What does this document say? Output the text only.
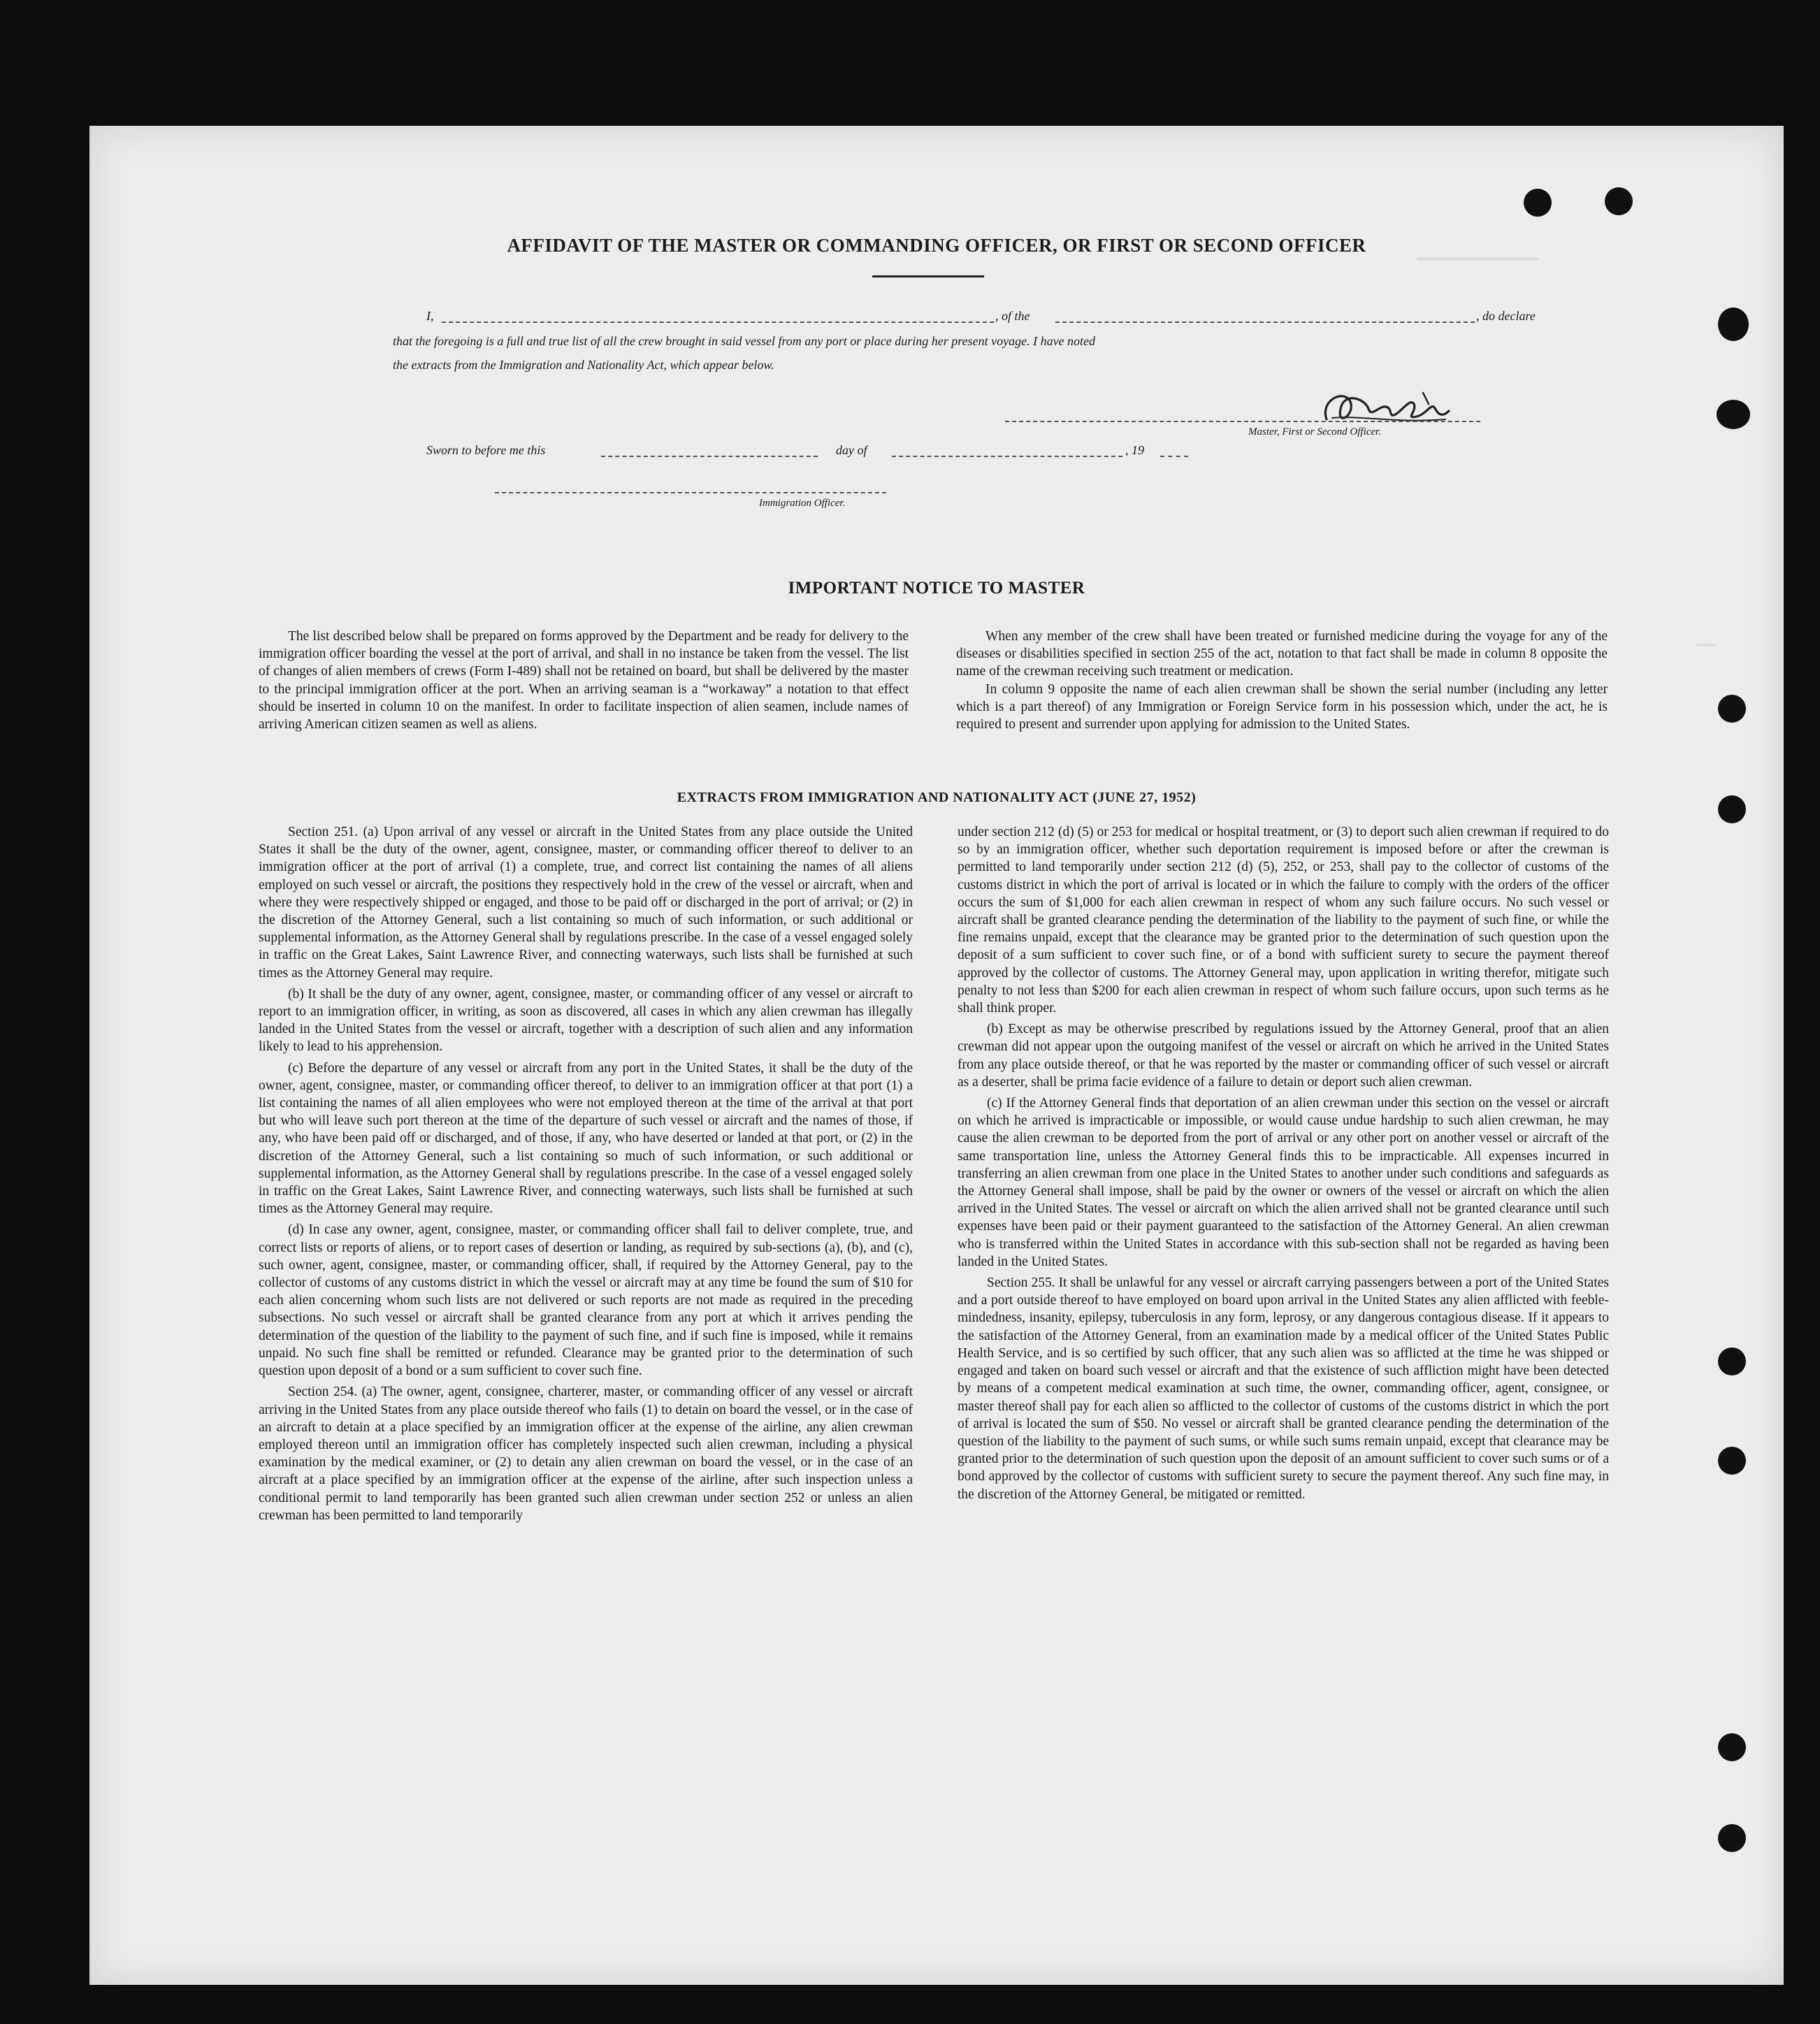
▔▔▔▔▔▔▔▔▔▔▔
▁▁
AFFIDAVIT OF THE MASTER OR COMMANDING OFFICER, OR FIRST OR SECOND OFFICER
I,	, of the	, do declare
that the foregoing is a full and true list of all the crew brought in said vessel from any port or place during her present voyage. I have noted
the extracts from the Immigration and Nationality Act, which appear below.
Master, First or Second Officer.
Sworn to before me this	day of	, 19
Immigration Officer.
IMPORTANT NOTICE TO MASTER

The list described below shall be prepared on forms approved by the Department and be ready for delivery to the immigration officer boarding the vessel at the port of arrival, and shall in no instance be taken from the vessel. The list of changes of alien members of crews (Form I-489) shall not be retained on board, but shall be delivered by the master to the principal immigration officer at the port. When an arriving seaman is a “workaway” a notation to that effect should be inserted in column 10 on the manifest. In order to facilitate inspection of alien seamen, include names of arriving American citizen seamen as well as aliens.

When any member of the crew shall have been treated or furnished medicine during the voyage for any of the diseases or disabilities specified in section 255 of the act, notation to that fact shall be made in column 8 opposite the name of the crewman receiving such treatment or medication.

In column 9 opposite the name of each alien crewman shall be shown the serial number (including any letter which is a part thereof) of any Immigration or Foreign Service form in his possession which, under the act, he is required to present and surrender upon applying for admission to the United States.

EXTRACTS FROM IMMIGRATION AND NATIONALITY ACT (JUNE 27, 1952)

Section 251. (a) Upon arrival of any vessel or aircraft in the United States from any place outside the United States it shall be the duty of the owner, agent, consignee, master, or commanding officer thereof to deliver to an immigration officer at the port of arrival (1) a complete, true, and correct list containing the names of all aliens employed on such vessel or aircraft, the positions they respectively hold in the crew of the vessel or aircraft, when and where they were respectively shipped or engaged, and those to be paid off or discharged in the port of arrival; or (2) in the discretion of the Attorney General, such a list containing so much of such information, or such additional or supplemental information, as the Attorney General shall by regulations prescribe. In the case of a vessel engaged solely in traffic on the Great Lakes, Saint Lawrence River, and connecting waterways, such lists shall be furnished at such times as the Attorney General may require.

(b) It shall be the duty of any owner, agent, consignee, master, or commanding officer of any vessel or aircraft to report to an immigration officer, in writing, as soon as discovered, all cases in which any alien crewman has illegally landed in the United States from the vessel or aircraft, together with a description of such alien and any information likely to lead to his apprehension.

(c) Before the departure of any vessel or aircraft from any port in the United States, it shall be the duty of the owner, agent, consignee, master, or commanding officer thereof, to deliver to an immigration officer at that port (1) a list containing the names of all alien employees who were not employed thereon at the time of the arrival at that port but who will leave such port thereon at the time of the departure of such vessel or aircraft and the names of those, if any, who have been paid off or discharged, and of those, if any, who have deserted or landed at that port, or (2) in the discretion of the Attorney General, such a list containing so much of such information, or such additional or supplemental information, as the Attorney General shall by regulations prescribe. In the case of a vessel engaged solely in traffic on the Great Lakes, Saint Lawrence River, and connecting waterways, such lists shall be furnished at such times as the Attorney General may require.

(d) In case any owner, agent, consignee, master, or commanding officer shall fail to deliver complete, true, and correct lists or reports of aliens, or to report cases of desertion or landing, as required by sub-sections (a), (b), and (c), such owner, agent, consignee, master, or commanding officer, shall, if required by the Attorney General, pay to the collector of customs of any customs district in which the vessel or aircraft may at any time be found the sum of $10 for each alien concerning whom such lists are not delivered or such reports are not made as required in the preceding subsections. No such vessel or aircraft shall be granted clearance from any port at which it arrives pending the determination of the question of the liability to the payment of such fine, and if such fine is imposed, while it remains unpaid. No such fine shall be remitted or refunded. Clearance may be granted prior to the determination of such question upon deposit of a bond or a sum sufficient to cover such fine.

Section 254. (a) The owner, agent, consignee, charterer, master, or commanding officer of any vessel or aircraft arriving in the United States from any place outside thereof who fails (1) to detain on board the vessel, or in the case of an aircraft to detain at a place specified by an immigration officer at the expense of the airline, any alien crewman employed thereon until an immigration officer has completely inspected such alien crewman, including a physical examination by the medical examiner, or (2) to detain any alien crewman on board the vessel, or in the case of an aircraft at a place specified by an immigration officer at the expense of the airline, after such inspection unless a conditional permit to land temporarily has been granted such alien crewman under section 252 or unless an alien crewman has been permitted to land temporarily

under section 212 (d) (5) or 253 for medical or hospital treatment, or (3) to deport such alien crewman if required to do so by an immigration officer, whether such deportation requirement is imposed before or after the crewman is permitted to land temporarily under section 212 (d) (5), 252, or 253, shall pay to the collector of customs of the customs district in which the port of arrival is located or in which the failure to comply with the orders of the officer occurs the sum of $1,000 for each alien crewman in respect of whom any such failure occurs. No such vessel or aircraft shall be granted clearance pending the determination of the liability to the payment of such fine, or while the fine remains unpaid, except that the clearance may be granted prior to the determination of such question upon the deposit of a sum sufficient to cover such fine, or of a bond with sufficient surety to secure the payment thereof approved by the collector of customs. The Attorney General may, upon application in writing therefor, mitigate such penalty to not less than $200 for each alien crewman in respect of whom such failure occurs, upon such terms as he shall think proper.

(b) Except as may be otherwise prescribed by regulations issued by the Attorney General, proof that an alien crewman did not appear upon the outgoing manifest of the vessel or aircraft on which he arrived in the United States from any place outside thereof, or that he was reported by the master or commanding officer of such vessel or aircraft as a deserter, shall be prima facie evidence of a failure to detain or deport such alien crewman.

(c) If the Attorney General finds that deportation of an alien crewman under this section on the vessel or aircraft on which he arrived is impracticable or impossible, or would cause undue hardship to such alien crewman, he may cause the alien crewman to be deported from the port of arrival or any other port on another vessel or aircraft of the same transportation line, unless the Attorney General finds this to be impracticable. All expenses incurred in transferring an alien crewman from one place in the United States to another under such conditions and safeguards as the Attorney General shall impose, shall be paid by the owner or owners of the vessel or aircraft on which the alien arrived in the United States. The vessel or aircraft on which the alien arrived shall not be granted clearance until such expenses have been paid or their payment guaranteed to the satisfaction of the Attorney General. An alien crewman who is transferred within the United States in accordance with this sub-section shall not be regarded as having been landed in the United States.

Section 255. It shall be unlawful for any vessel or aircraft carrying passengers between a port of the United States and a port outside thereof to have employed on board upon arrival in the United States any alien afflicted with feeble-mindedness, insanity, epilepsy, tuberculosis in any form, leprosy, or any dangerous contagious disease. If it appears to the satisfaction of the Attorney General, from an examination made by a medical officer of the United States Public Health Service, and is so certified by such officer, that any such alien was so afflicted at the time he was shipped or engaged and taken on board such vessel or aircraft and that the existence of such affliction might have been detected by means of a competent medical examination at such time, the owner, commanding officer, agent, consignee, or master thereof shall pay for each alien so afflicted to the collector of customs of the customs district in which the port of arrival is located the sum of $50. No vessel or aircraft shall be granted clearance pending the determination of the question of the liability to the payment of such sums, or while such sums remain unpaid, except that clearance may be granted prior to the determination of such question upon the deposit of an amount sufficient to cover such sums or of a bond approved by the collector of customs with sufficient surety to secure the payment thereof. Any such fine may, in the discretion of the Attorney General, be mitigated or remitted.
